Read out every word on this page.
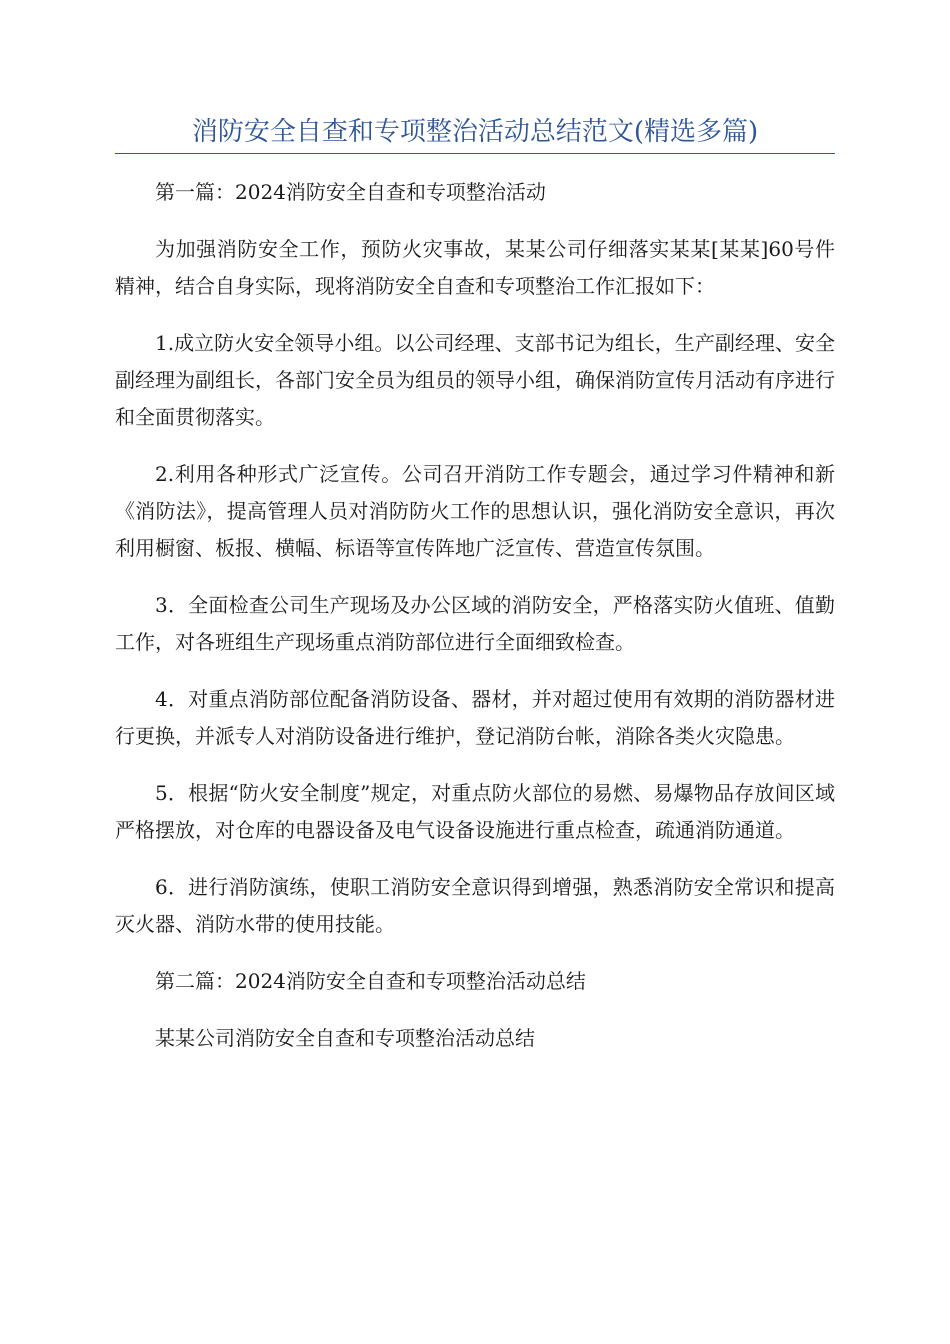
消防安全自查和专项整治活动总结范文(精选多篇)

第一篇：2024消防安全自查和专项整治活动

为加强消防安全工作，预防火灾事故，某某公司仔细落实某某[某某]60号件精神，结合自身实际，现将消防安全自查和专项整治工作汇报如下：

1.成立防火安全领导小组。以公司经理、支部书记为组长，生产副经理、安全副经理为副组长，各部门安全员为组员的领导小组，确保消防宣传月活动有序进行和全面贯彻落实。

2.利用各种形式广泛宣传。公司召开消防工作专题会，通过学习件精神和新《消防法》，提高管理人员对消防防火工作的思想认识，强化消防安全意识，再次利用橱窗、板报、横幅、标语等宣传阵地广泛宣传、营造宣传氛围。

3．全面检查公司生产现场及办公区域的消防安全，严格落实防火值班、值勤工作，对各班组生产现场重点消防部位进行全面细致检查。

4．对重点消防部位配备消防设备、器材，并对超过使用有效期的消防器材进行更换，并派专人对消防设备进行维护，登记消防台帐，消除各类火灾隐患。

5．根据“防火安全制度”规定，对重点防火部位的易燃、易爆物品存放间区域严格摆放，对仓库的电器设备及电气设备设施进行重点检查，疏通消防通道。

6．进行消防演练，使职工消防安全意识得到增强，熟悉消防安全常识和提高灭火器、消防水带的使用技能。

第二篇：2024消防安全自查和专项整治活动总结

某某公司消防安全自查和专项整治活动总结
